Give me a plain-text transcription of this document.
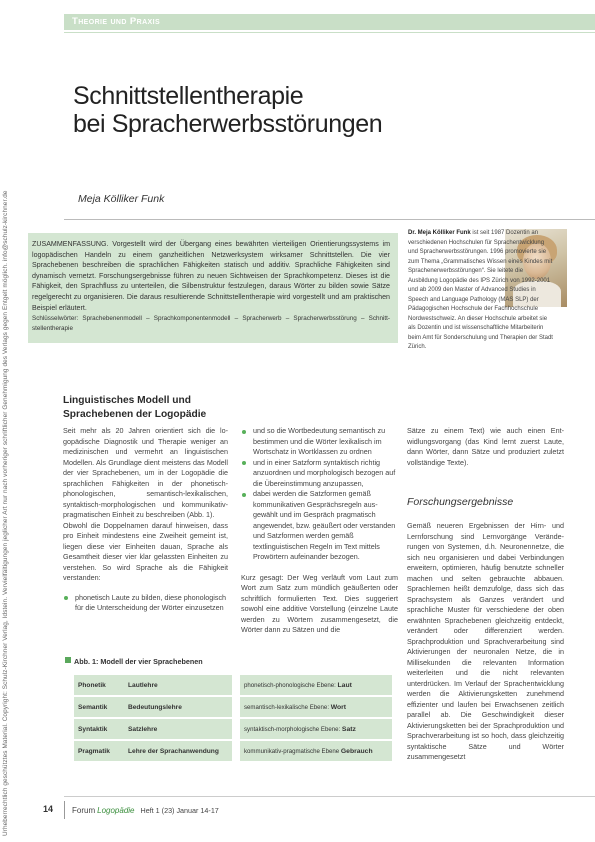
Urheberrechtlich geschütztes Material. Copyright: Schulz-Kirchner Verlag, Idstein. Vervielfältigungen jeglicher Art nur nach vorheriger schriftlicher Genehmigung des Verlags gegen Entgelt möglich. info@schulz-kirchner.de
Theorie und Praxis
Schnittstellentherapie
bei Spracherwerbsstörungen
Meja Kölliker Funk
ZUSAMMENFASSUNG. Vorgestellt wird der Übergang eines bewährten vierteiligen Orientierungssystems im logopädischen Handeln zu einem ganzheitlichen Netzwerksystem wirksamer Schnittstellen. Die vier Sprachebenen beschreiben die sprachlichen Fähigkeiten statisch und additiv. Sprachliche Fähigkeiten sind dynamisch vernetzt. Forschungsergebnisse führen zu neuen Sichtweisen der Sprachkompetenz. Dieses ist die Fähigkeit, den Sprachfluss zu unterteilen, die Silbenstruktur festzulegen, daraus Wörter zu bilden sowie Sätze regelgerecht zu organisieren. Die daraus resultierende Schnittstellentherapie wird vorgestellt und am praktischen Beispiel erläutert.
Schlüsselwörter: Sprachebenenmodell – Sprachkomponentenmodell – Spracherwerb – Spracherwerbsstörung – Schnittstellentherapie
Dr. Meja Kölliker Funk ist seit 1987 Dozentin an verschiedenen Hochschulen für Sprachentwicklung und Spracherwerbsstörungen. 1996 promovierte sie zum Thema „Grammatisches Wissen eines Kindes mit Sprachenerwerbsstörungen“. Sie leitete die Ausbildung Logopädie des IPS Zürich von 1992-2001 und ab 2009 den Master of Advanced Studies in Speech and Language Pathology (MAS SLP) der Pädagogischen Hochschule der Fachhochschule Nordwestschweiz. An dieser Hochschule arbeitet sie als Dozentin und ist wissenschaftliche Mitarbeiterin beim Amt für Sonderschulung und Therapien der Stadt Zürich.
Linguistisches Modell und
Sprachebenen der Logopädie
Seit mehr als 20 Jahren orientiert sich die logopädische Diagnostik und Therapie weniger an medizinischen und vermehrt an linguistischen Modellen. Als Grundlage dient meistens das Modell der vier Sprachebenen, um in der Logopädie die sprachlichen Fähigkeiten in der phonetisch-phonologischen, semantisch-lexikalischen, syntaktisch-morphologischen und kommunikativ-pragmatischen Einheit zu beschreiben (Abb. 1).
Obwohl die Doppelnamen darauf hinweisen, dass pro Einheit mindestens eine Zweiheit gemeint ist, liegen diese vier Einheiten dauan, Sprache als Gesamtheit dieser vier klar gelassten Einheiten zu verstehen. So wird Sprache als die Fähigkeit verstanden:
phonetisch Laute zu bilden, diese phonologisch für die Unterscheidung der Wörter einzusetzen
und so die Wortbedeutung semantisch zu bestimmen und die Wörter lexikalisch im Wortschatz in Wortklassen zu ordnen
und in einer Satzform syntaktisch richtig anzuordnen und morphologisch bezogen auf die Übereinstimmung anzupassen,
dabei werden die Satzformen gemäß kommunikativen Gesprächsregeln ausgewählt und im Gespräch pragmatisch angewendet, bzw. geäußert oder verstanden und Satzformen werden gemäß textlinguistischen Regeln im Text mittels Prowörtern aufeinander bezogen.
Kurz gesagt: Der Weg verläuft vom Laut zum Wort zum Satz zum mündlich geäußerten oder schriftlich formulierten Text. Dies suggeriert sowohl eine additive Vorstellung (einzelne Laute werden zu Wörtern zusammengesetzt, die Wörter dann zu Sätzen und die
Sätze zu einem Text) wie auch einen Entwidlungsvorgang (das Kind lernt zuerst Laute, dann Wörter, dann Sätze und produziert zuletzt vollständige Texte).
Forschungsergebnisse
Gemäß neueren Ergebnissen der Hirn- und Lernforschung sind Lernvorgänge Veränderungen von Systemen, d.h. Neuronennetze, die sich neu organisieren und dabei Verbindungen erweitern, optimieren, häufig benutzte schneller machen und selten gebrauchte abbauen. Sprachlernen heißt demzufolge, dass sich das Sprachsystem als Ganzes verändert und sprachliche Muster für verschiedene der oben erwähnten Sprachebenen gleichzeitig entdeckt, verändert oder differenziert werden. Sprachproduktion und Sprachverarbeitung sind Aktivierungen der neuronalen Netze, die in Millisekunden die relevanten Information weiterleiten und die nicht relevanten unterdrücken. Im Verlauf der Sprachentwicklung werden die Aktivierungsketten zunehmend effizienter und laufen bei Erwachsenen zeitlich parallel ab. Die Geschwindigkeit dieser Aktivierungsketten bei der Sprachproduktion und Sprachverarbeitung ist so hoch, dass gleichzeitig syntaktische Sätze und Wörter zusammengesetzt
Abb. 1: Modell der vier Sprachebenen
Phonetik	Lautlehre		phonetisch-phonologische Ebene: Laut
Semantik	Bedeutungslehre		semantisch-lexikalische Ebene: Wort
Syntaktik	Satzlehre		syntaktisch-morphologische Ebene: Satz
Pragmatik	Lehre der Sprachanwendung		kommunikativ-pragmatische Ebene Gebrauch
14 Forum Logopädie Heft 1 (23) Januar 14-17
